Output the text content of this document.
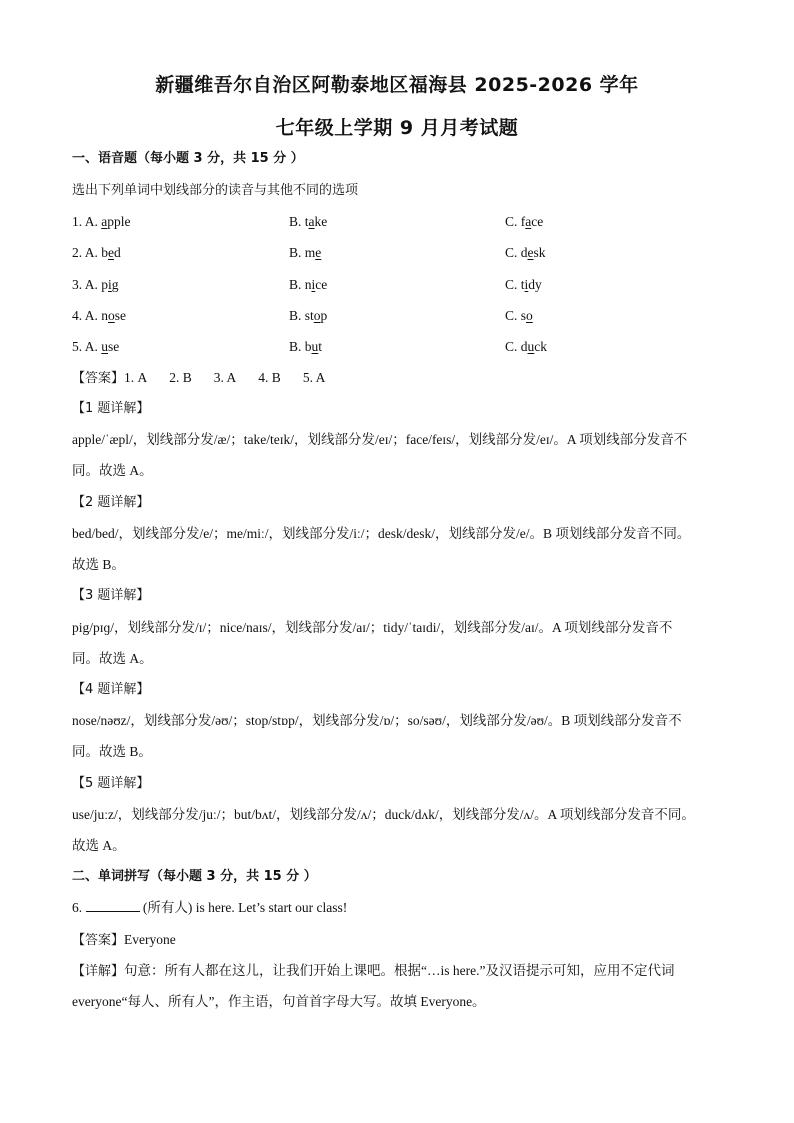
新疆维吾尔自治区阿勒泰地区福海县 2025-2026 学年
七年级上学期 9 月月考试题
一、语音题（每小题 3 分，共 15 分 ）
选出下列单词中划线部分的读音与其他不同的选项
1. A. apple	B. take	C. face
2. A. bed	B. me	C. desk
3. A. pig	B. nice	C. tidy
4. A. nose	B. stop	C. so
5. A. use	B. but	C. duck
【答案】1. A 2. B 3. A 4. B 5. A
【1 题详解】
apple/ˈæpl/，划线部分发/æ/；take/teɪk/，划线部分发/eɪ/；face/feɪs/，划线部分发/eɪ/。A 项划线部分发音不
同。故选 A。
【2 题详解】
bed/bed/，划线部分发/e/；me/miː/，划线部分发/iː/；desk/desk/，划线部分发/e/。B 项划线部分发音不同。
故选 B。
【3 题详解】
pig/pɪɡ/，划线部分发/ɪ/；nice/naɪs/，划线部分发/aɪ/；tidy/ˈtaɪdi/，划线部分发/aɪ/。A 项划线部分发音不
同。故选 A。
【4 题详解】
nose/nəʊz/，划线部分发/əʊ/；stop/stɒp/，划线部分发/ɒ/；so/səʊ/，划线部分发/əʊ/。B 项划线部分发音不
同。故选 B。
【5 题详解】
use/juːz/，划线部分发/juː/；but/bʌt/，划线部分发/ʌ/；duck/dʌk/，划线部分发/ʌ/。A 项划线部分发音不同。
故选 A。
二、单词拼写（每小题 3 分，共 15 分 ）
6.	(所有人) is here. Let’s start our class!
【答案】Everyone
【详解】句意：所有人都在这儿，让我们开始上课吧。根据“…is here.”及汉语提示可知，应用不定代词
everyone“每人、所有人”，作主语，句首首字母大写。故填 Everyone。
